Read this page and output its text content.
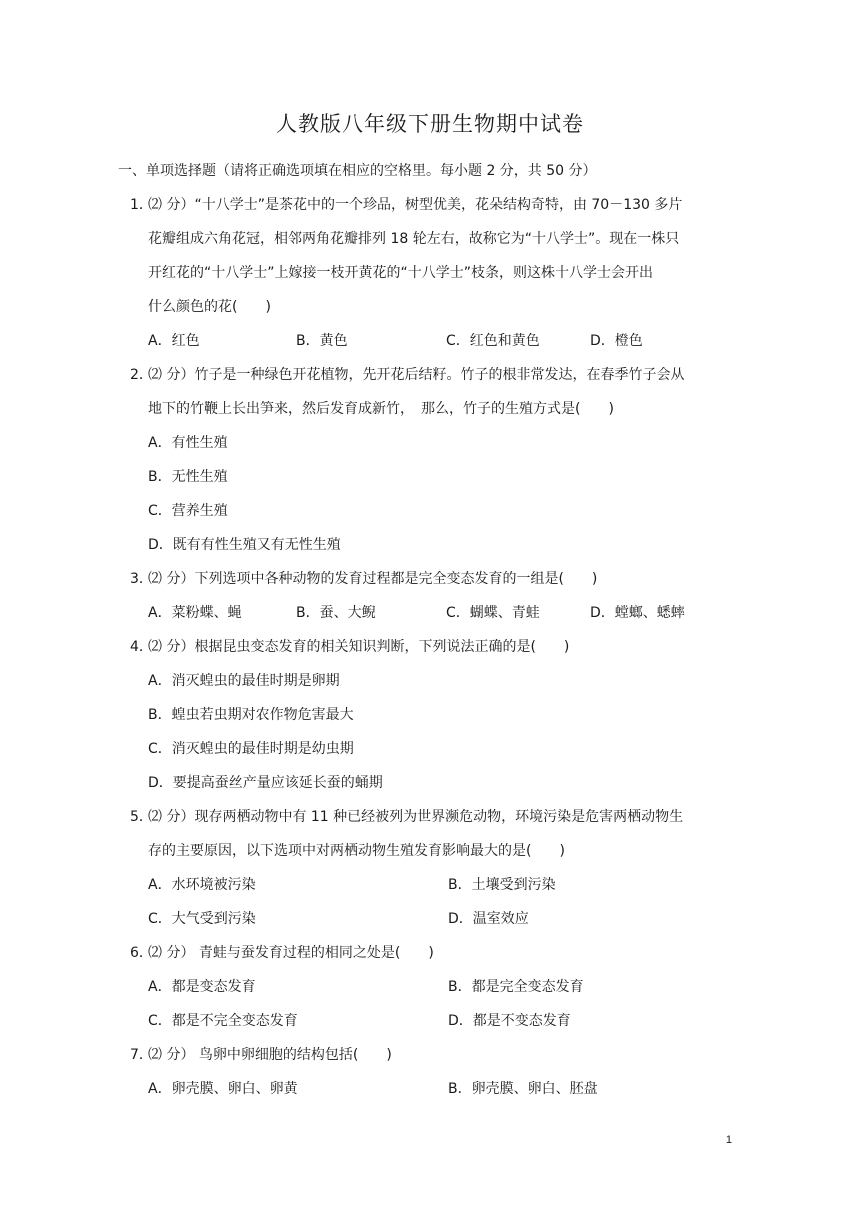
人教版八年级下册生物期中试卷
一、单项选择题（请将正确选项填在相应的空格里。每小题 2 分，共 50 分）
1．
⑵ 分）“十八学士”是茶花中的一个珍品，树型优美，花朵结构奇特，由 70－130 多片
花瓣组成六角花冠，相邻两角花瓣排列 18 轮左右，故称它为“十八学士”。现在一株只
开红花的“十八学士”上嫁接一枝开黄花的“十八学士”枝条，则这株十八学士会开出
什么颜色的花(　　)
A．红色	B．黄色	C．红色和黄色	D．橙色
2．
⑵ 分）竹子是一种绿色开花植物，先开花后结籽。竹子的根非常发达，在春季竹子会从
地下的竹鞭上长出笋来，然后发育成新竹，　那么，竹子的生殖方式是(　　)
A．有性生殖
B．无性生殖
C．营养生殖
D．既有有性生殖又有无性生殖
3．
⑵ 分）下列选项中各种动物的发育过程都是完全变态发育的一组是(　　)
A．菜粉蝶、蝇	B．蚕、大鲵	C．蝴蝶、青蛙	D．螳螂、蟋蟀
4．
⑵ 分）根据昆虫变态发育的相关知识判断，下列说法正确的是(　　)
A．消灭蝗虫的最佳时期是卵期
B．蝗虫若虫期对农作物危害最大
C．消灭蝗虫的最佳时期是幼虫期
D．要提高蚕丝产量应该延长蚕的蛹期
5．
⑵ 分）现存两栖动物中有 11 种已经被列为世界濒危动物，环境污染是危害两栖动物生
存的主要原因，以下选项中对两栖动物生殖发育影响最大的是(　　)
A．水环境被污染	B．土壤受到污染
C．大气受到污染	D．温室效应
6．
⑵ 分） 青蛙与蚕发育过程的相同之处是(　　)
A．都是变态发育	B．都是完全变态发育
C．都是不完全变态发育	D．都是不变态发育
7．
⑵ 分） 鸟卵中卵细胞的结构包括(　　)
A．卵壳膜、卵白、卵黄	B．卵壳膜、卵白、胚盘
1
